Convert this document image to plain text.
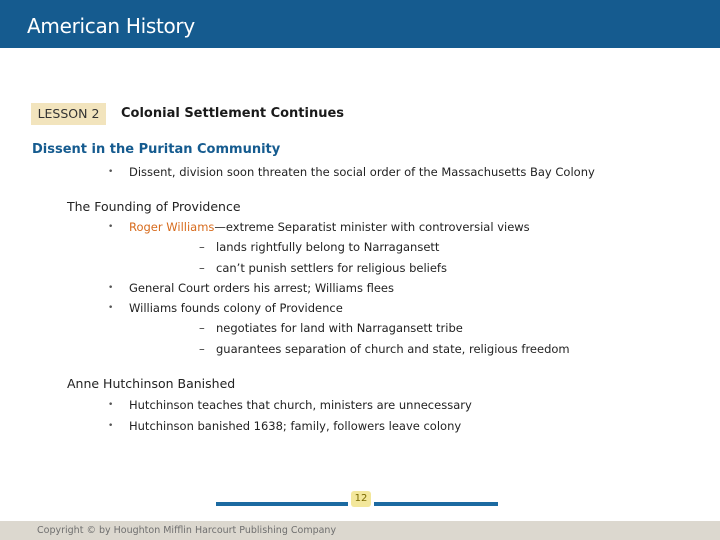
American History
LESSON 2	Colonial Settlement Continues
Dissent in the Puritan Community
• Dissent, division soon threaten the social order of the Massachusetts Bay Colony
The Founding of Providence
• Roger Williams—extreme Separatist minister with controversial views
– lands rightfully belong to Narragansett
– can’t punish settlers for religious beliefs
• General Court orders his arrest; Williams flees
• Williams founds colony of Providence
– negotiates for land with Narragansett tribe
– guarantees separation of church and state, religious freedom
Anne Hutchinson Banished
• Hutchinson teaches that church, ministers are unnecessary
• Hutchinson banished 1638; family, followers leave colony
12
Copyright © by Houghton Mifflin Harcourt Publishing Company
